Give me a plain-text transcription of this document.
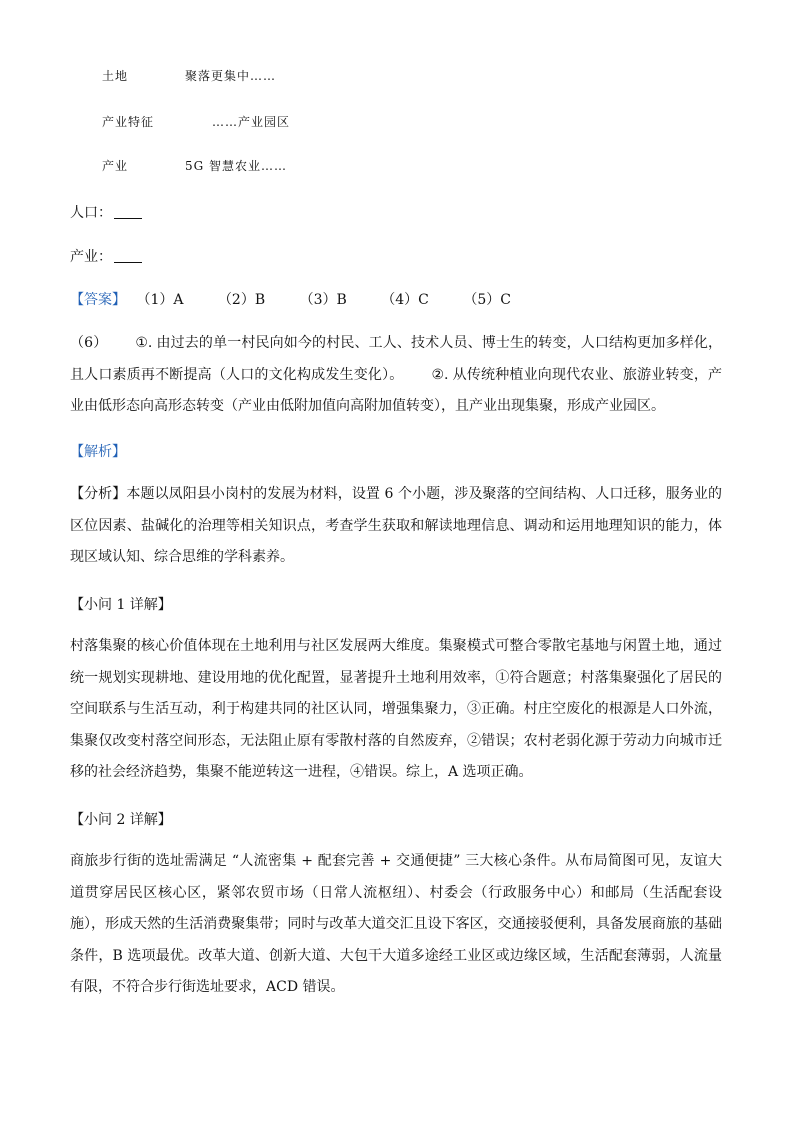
土地	聚落更集中……
产业特征	……产业园区
产业	5G 智慧农业……
人口：
产业：
【答案】 （1）A （2）B （3）B （4）C （5）C
（6） ①. 由过去的单一村民向如今的村民、工人、技术人员、博士生的转变，人口结构更加多样化，且人口素质再不断提高（人口的文化构成发生变化）。 ②. 从传统种植业向现代农业、旅游业转变，产业由低形态向高形态转变（产业由低附加值向高附加值转变），且产业出现集聚，形成产业园区。
【解析】
【分析】本题以凤阳县小岗村的发展为材料，设置 6 个小题，涉及聚落的空间结构、人口迁移，服务业的区位因素、盐碱化的治理等相关知识点，考查学生获取和解读地理信息、调动和运用地理知识的能力，体现区域认知、综合思维的学科素养。
【小问 1 详解】
村落集聚的核心价值体现在土地利用与社区发展两大维度。集聚模式可整合零散宅基地与闲置土地，通过统一规划实现耕地、建设用地的优化配置，显著提升土地利用效率，①符合题意；村落集聚强化了居民的空间联系与生活互动，利于构建共同的社区认同，增强集聚力，③正确。村庄空废化的根源是人口外流，集聚仅改变村落空间形态，无法阻止原有零散村落的自然废弃，②错误；农村老弱化源于劳动力向城市迁移的社会经济趋势，集聚不能逆转这一进程，④错误。综上，A 选项正确。
【小问 2 详解】
商旅步行街的选址需满足 “人流密集 + 配套完善 + 交通便捷” 三大核心条件。从布局简图可见，友谊大道贯穿居民区核心区，紧邻农贸市场（日常人流枢纽）、村委会（行政服务中心）和邮局（生活配套设施），形成天然的生活消费聚集带；同时与改革大道交汇且设下客区，交通接驳便利，具备发展商旅的基础条件，B 选项最优。改革大道、创新大道、大包干大道多途经工业区或边缘区域，生活配套薄弱，人流量有限，不符合步行街选址要求，ACD 错误。
